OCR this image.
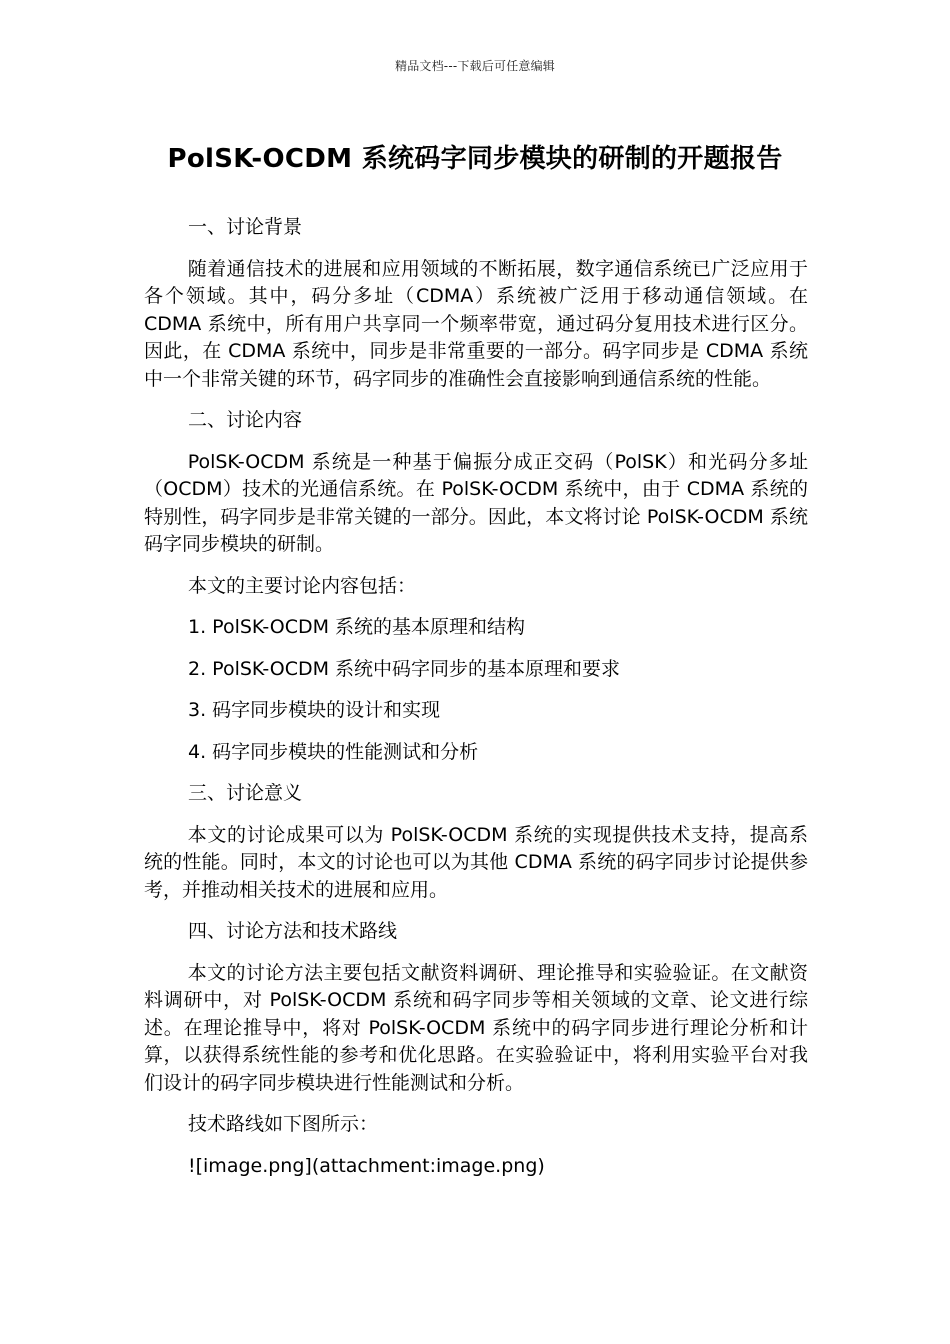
精品文档---下载后可任意编辑
PolSK-OCDM 系统码字同步模块的研制的开题报告

一、讨论背景

随着通信技术的进展和应用领域的不断拓展，数字通信系统已广泛应用于各个领域。其中，码分多址（CDMA）系统被广泛用于移动通信领域。在 CDMA 系统中，所有用户共享同一个频率带宽，通过码分复用技术进行区分。因此，在 CDMA 系统中，同步是非常重要的一部分。码字同步是 CDMA 系统中一个非常关键的环节，码字同步的准确性会直接影响到通信系统的性能。

二、讨论内容

PolSK-OCDM 系统是一种基于偏振分成正交码（PolSK）和光码分多址（OCDM）技术的光通信系统。在 PolSK-OCDM 系统中，由于 CDMA 系统的特别性，码字同步是非常关键的一部分。因此，本文将讨论 PolSK-OCDM 系统码字同步模块的研制。

本文的主要讨论内容包括：

1. PolSK-OCDM 系统的基本原理和结构

2. PolSK-OCDM 系统中码字同步的基本原理和要求

3. 码字同步模块的设计和实现

4. 码字同步模块的性能测试和分析

三、讨论意义

本文的讨论成果可以为 PolSK-OCDM 系统的实现提供技术支持，提高系统的性能。同时，本文的讨论也可以为其他 CDMA 系统的码字同步讨论提供参考，并推动相关技术的进展和应用。

四、讨论方法和技术路线

本文的讨论方法主要包括文献资料调研、理论推导和实验验证。在文献资料调研中，对 PolSK-OCDM 系统和码字同步等相关领域的文章、论文进行综述。在理论推导中，将对 PolSK-OCDM 系统中的码字同步进行理论分析和计算，以获得系统性能的参考和优化思路。在实验验证中，将利用实验平台对我们设计的码字同步模块进行性能测试和分析。

技术路线如下图所示：

![image.png](attachment:image.png)
